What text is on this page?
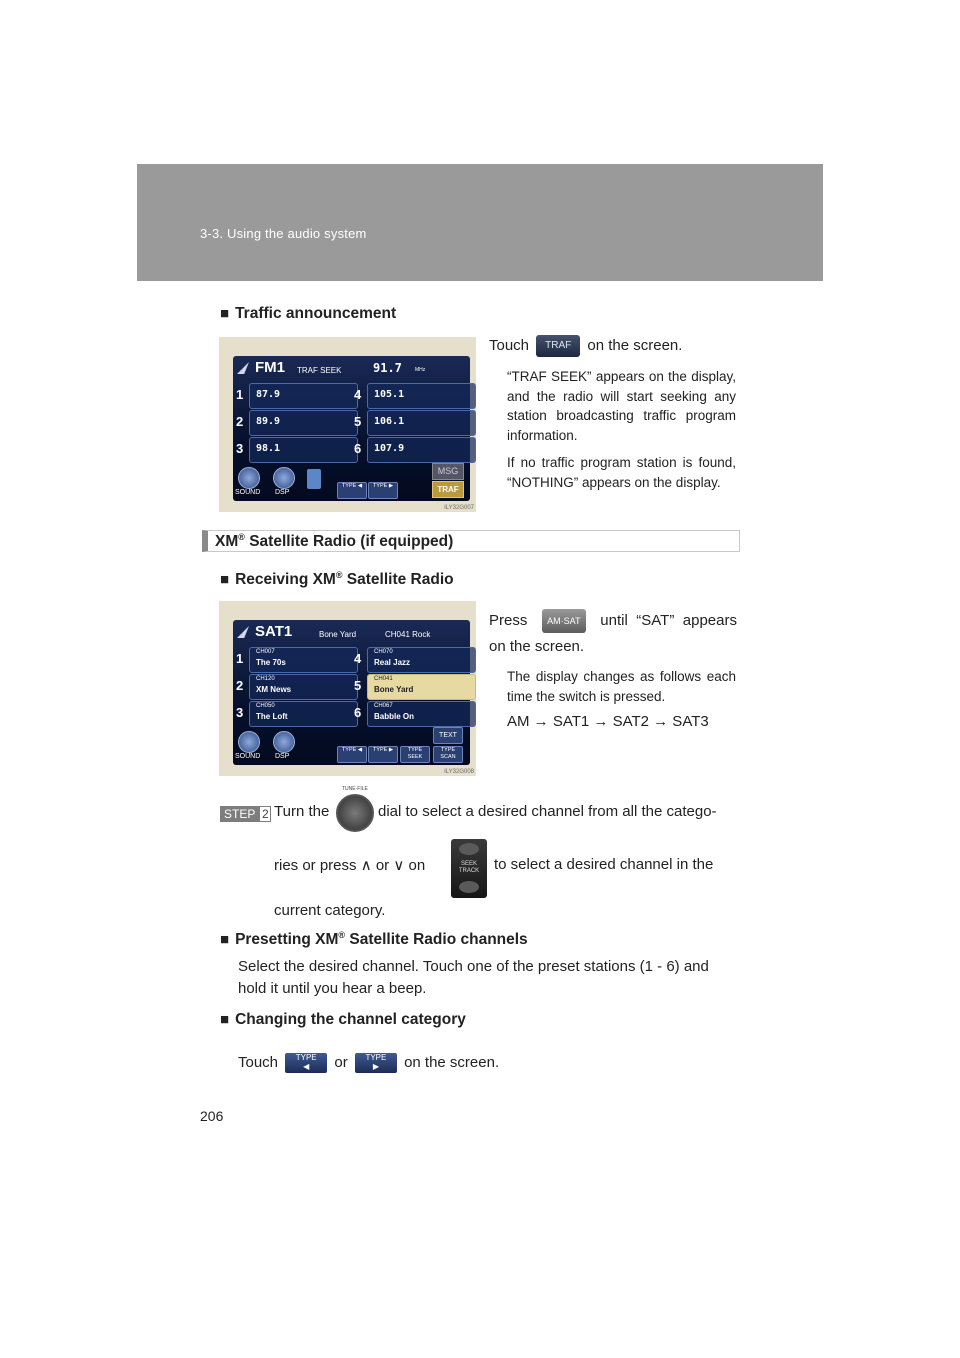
3-3. Using the audio system
■ Traffic announcement
FM1 TRAF SEEK	91.7	MHz
1 87.9
2 89.9
3 98.1
4 105.1
5 106.1
6 107.9
SOUND DSP
TYPE ◀	TYPE ▶
MSG
TRAF
ILY32G007
Touch TRAF on the screen.
“TRAF SEEK” appears on the display, and the radio will start seeking any station broadcasting traffic program information.
If no traffic program station is found, “NOTHING” appears on the display.
XM® Satellite Radio (if equipped)
■ Receiving XM® Satellite Radio
SAT1	Bone Yard	CH041 Rock
1 CH007
The 70s
2 CH120
XM News
3 CH050
The Loft
4 CH070
Real Jazz
5 CH041
Bone Yard
6 CH067
Babble On
SOUND DSP
TYPE ◀	TYPE ▶	TYPE SEEK
TYPE SCAN
TEXT
ILY32G008
Press AM·SAT until “SAT” appears on the screen.
The display changes as follows each time the switch is pressed.
AM → SAT1 → SAT2 → SAT3
STEP 2 Turn the
TUNE·FILE
dial to select a desired channel from all the catego-
ries or press ∧ or ∨ on	SEEK TRACK to select a desired channel in the
current category.
■ Presetting XM® Satellite Radio channels
Select the desired channel. Touch one of the preset stations (1 - 6) and hold it until you hear a beep.
■ Changing the channel category
Touch TYPE
◀ or TYPE
▶ on the screen.
206
